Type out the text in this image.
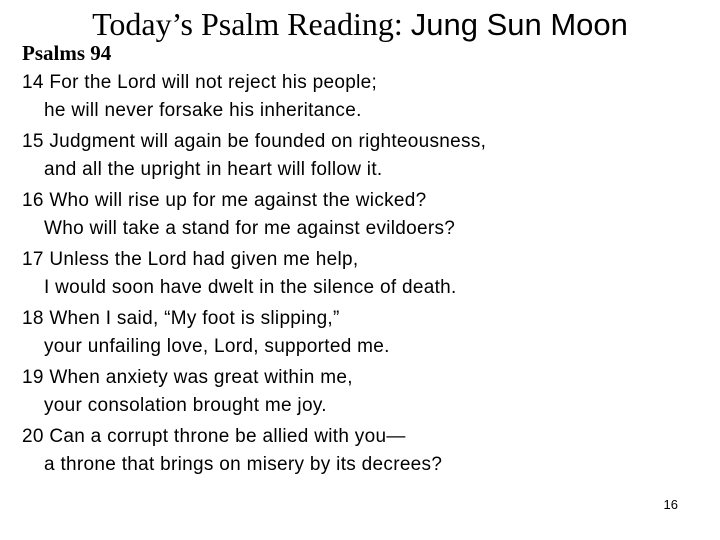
Today’s Psalm Reading: Jung Sun Moon
Psalms 94
14 For the Lord will not reject his people;
he will never forsake his inheritance.
15 Judgment will again be founded on righteousness,
and all the upright in heart will follow it.
16 Who will rise up for me against the wicked?
Who will take a stand for me against evildoers?
17 Unless the Lord had given me help,
I would soon have dwelt in the silence of death.
18 When I said, “My foot is slipping,”
your unfailing love, Lord, supported me.
19 When anxiety was great within me,
your consolation brought me joy.
20 Can a corrupt throne be allied with you—
a throne that brings on misery by its decrees?
16
